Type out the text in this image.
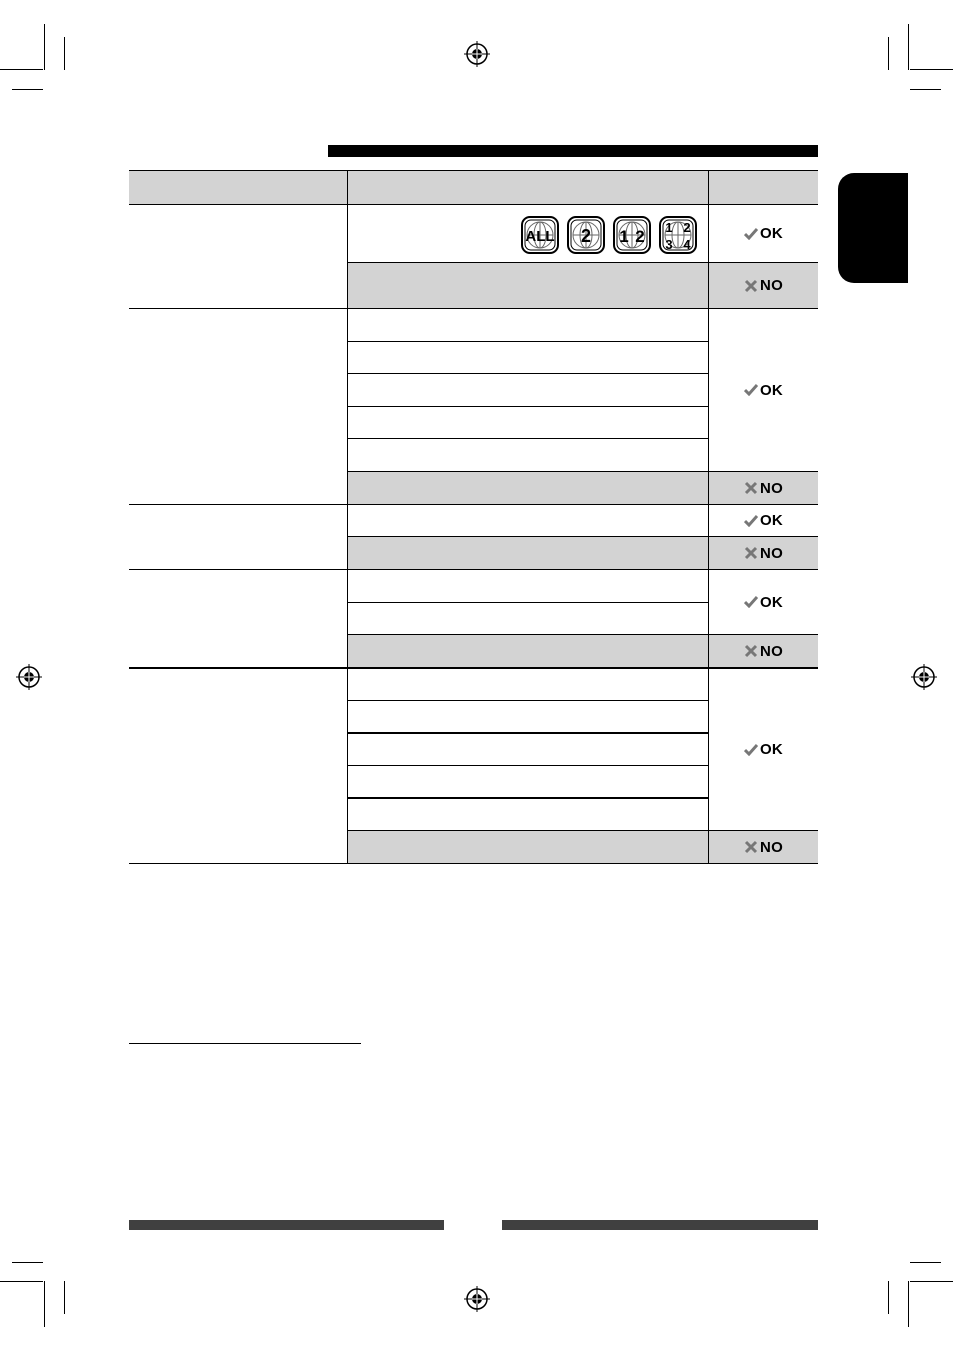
ALL 2 1 2 1 2
3 4
OK
NO
OK
NO
OK
NO
OK
NO
OK
NO
